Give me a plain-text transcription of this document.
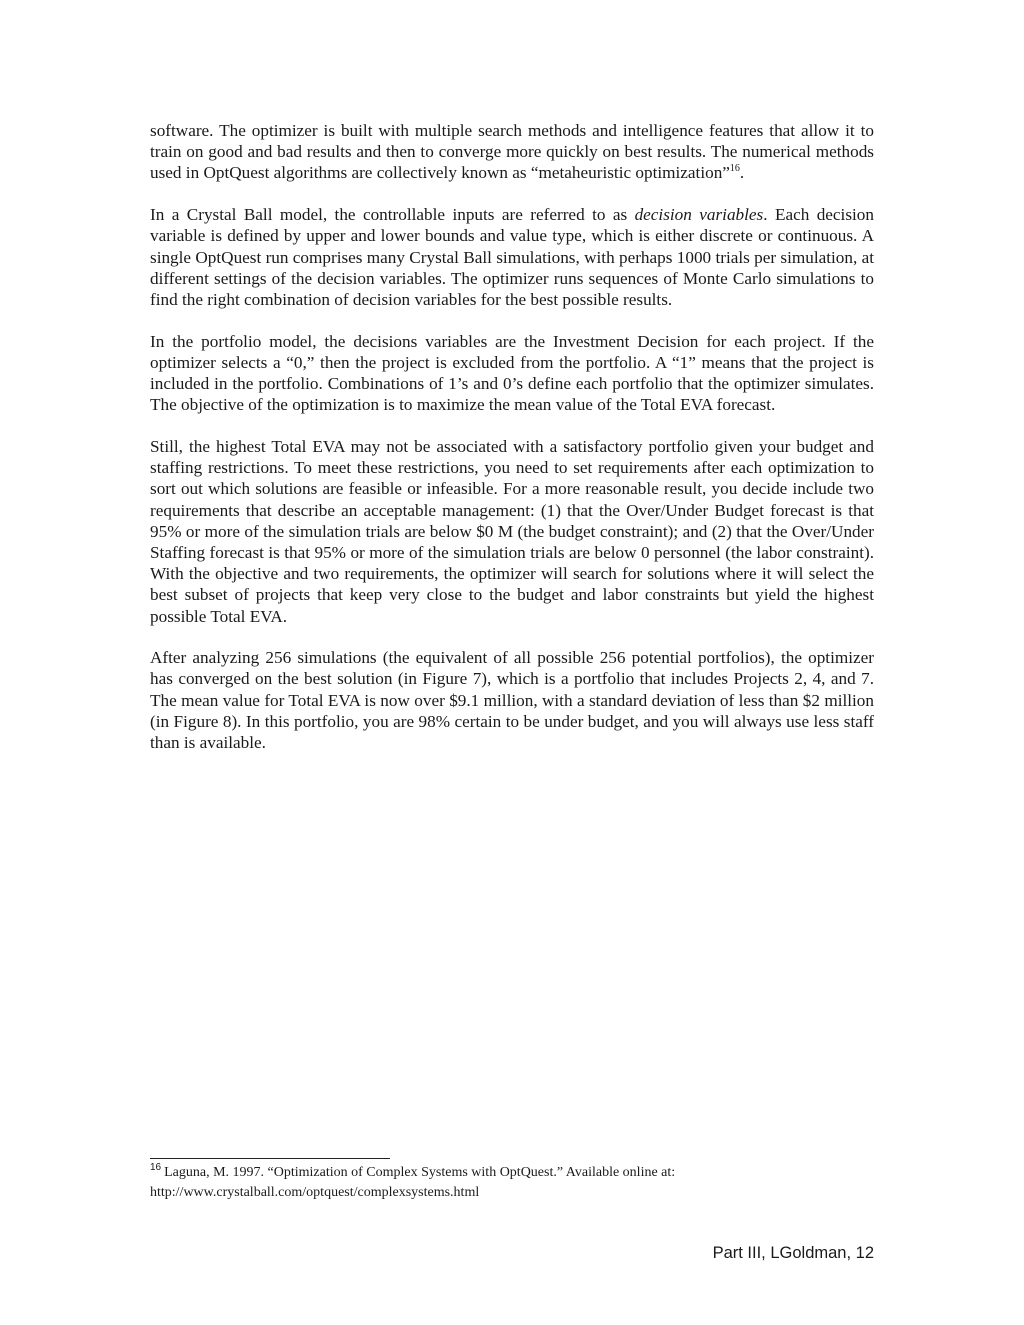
software. The optimizer is built with multiple search methods and intelligence features that allow it to train on good and bad results and then to converge more quickly on best results. The numerical methods used in OptQuest algorithms are collectively known as “metaheuristic optimization”$^{16}$.

In a Crystal Ball model, the controllable inputs are referred to as decision variables. Each decision variable is defined by upper and lower bounds and value type, which is either discrete or continuous. A single OptQuest run comprises many Crystal Ball simulations, with perhaps 1000 trials per simulation, at different settings of the decision variables. The optimizer runs sequences of Monte Carlo simulations to find the right combination of decision variables for the best possible results.

In the portfolio model, the decisions variables are the Investment Decision for each project. If the optimizer selects a “0,” then the project is excluded from the portfolio. A “1” means that the project is included in the portfolio. Combinations of 1’s and 0’s define each portfolio that the optimizer simulates. The objective of the optimization is to maximize the mean value of the Total EVA forecast.

Still, the highest Total EVA may not be associated with a satisfactory portfolio given your budget and staffing restrictions. To meet these restrictions, you need to set requirements after each optimization to sort out which solutions are feasible or infeasible. For a more reasonable result, you decide include two requirements that describe an acceptable management: (1) that the Over/Under Budget forecast is that 95% or more of the simulation trials are below $0 M (the budget constraint); and (2) that the Over/Under Staffing forecast is that 95% or more of the simulation trials are below 0 personnel (the labor constraint). With the objective and two requirements, the optimizer will search for solutions where it will select the best subset of projects that keep very close to the budget and labor constraints but yield the highest possible Total EVA.

After analyzing 256 simulations (the equivalent of all possible 256 potential portfolios), the optimizer has converged on the best solution (in Figure 7), which is a portfolio that includes Projects 2, 4, and 7. The mean value for Total EVA is now over $9.1 million, with a standard deviation of less than $2 million (in Figure 8). In this portfolio, you are 98% certain to be under budget, and you will always use less staff than is available.

$^{16}$ Laguna, M. 1997. “Optimization of Complex Systems with OptQuest.” Available online at:
http://www.crystalball.com/optquest/complexsystems.html
Part III, LGoldman, 12
